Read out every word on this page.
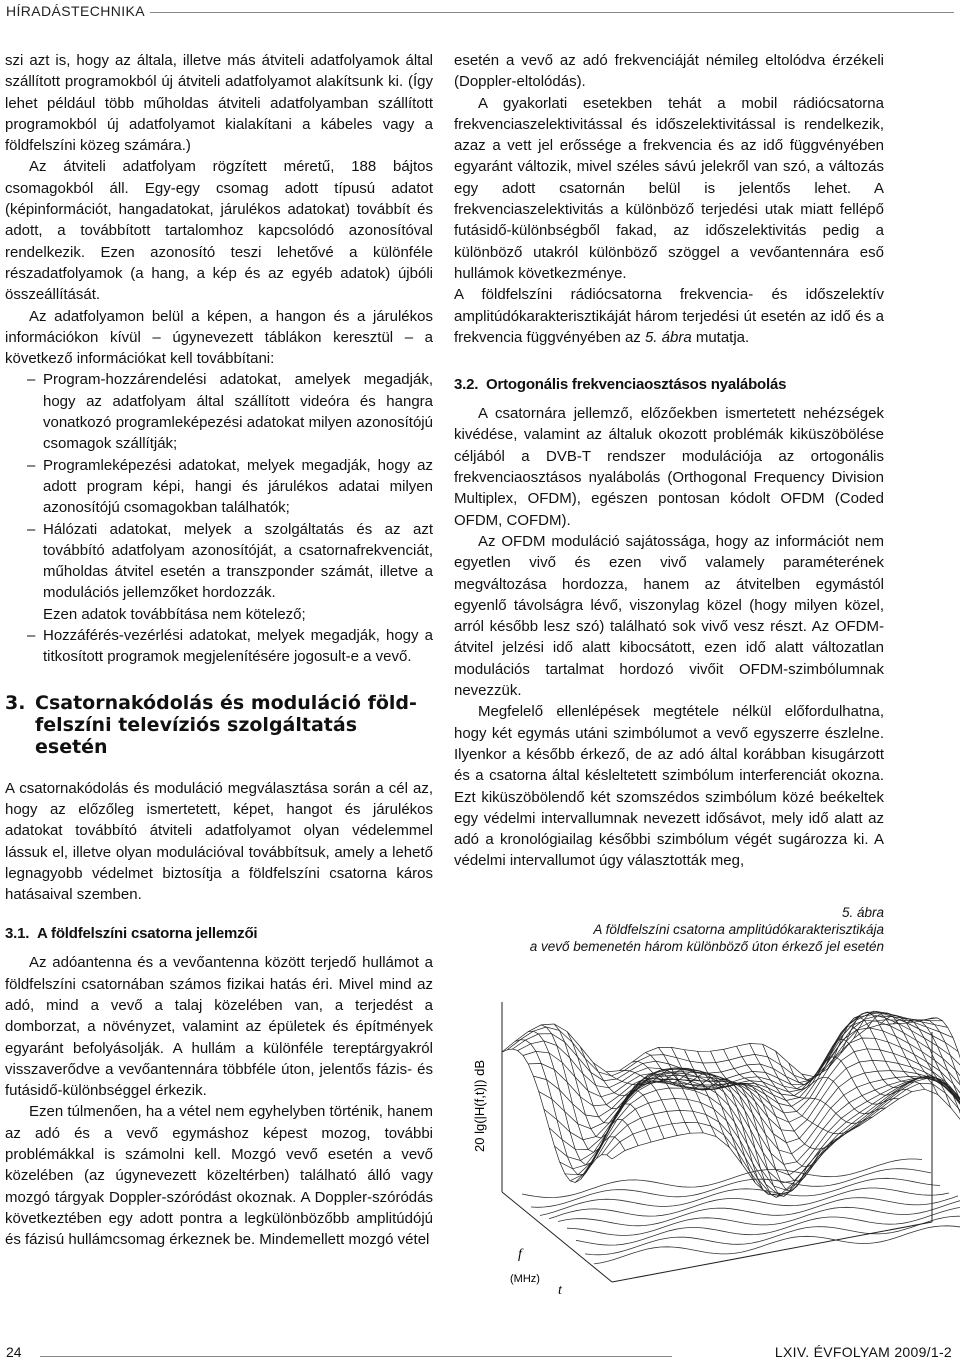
HÍRADÁSTECHNIKA

szi azt is, hogy az általa, illetve más átviteli adatfolyamok által szállított programokból új átviteli adatfolyamot alakítsunk ki. (Így lehet például több műholdas átviteli adatfolyamban szállított programokból új adatfolyamot kialakítani a kábeles vagy a földfelszíni közeg számára.)

Az átviteli adatfolyam rögzített méretű, 188 bájtos csomagokból áll. Egy-egy csomag adott típusú adatot (képinformációt, hangadatokat, járulékos adatokat) továbbít és adott, a továbbított tartalomhoz kapcsolódó azonosítóval rendelkezik. Ezen azonosító teszi lehetővé a különféle részadatfolyamok (a hang, a kép és az egyéb adatok) újbóli összeállítását.

Az adatfolyamon belül a képen, a hangon és a járulékos információkon kívül – úgynevezett táblákon keresztül – a következő információkat kell továbbítani:

– Program-hozzárendelési adatokat, amelyek megadják, hogy az adatfolyam által szállított videóra és hangra vonatkozó programleképezési adatokat milyen azonosítójú csomagok szállítják;
– Programleképezési adatokat, melyek megadják, hogy az adott program képi, hangi és járulékos adatai milyen azonosítójú csomagokban találhatók;
– Hálózati adatokat, melyek a szolgáltatás és az azt továbbító adatfolyam azonosítóját, a csatornafrekvenciát, műholdas átvitel esetén a transzponder számát, illetve a modulációs jellemzőket hordozzák.
Ezen adatok továbbítása nem kötelező;
– Hozzáférés-vezérlési adatokat, melyek megadják, hogy a titkosított programok megjelenítésére jogosult-e a vevő.
3. Csatornakódolás és moduláció föld-
felszíni televíziós szolgáltatás esetén

A csatornakódolás és moduláció megválasztása során a cél az, hogy az előzőleg ismertetett, képet, hangot és járulékos adatokat továbbító átviteli adatfolyamot olyan védelemmel lássuk el, illetve olyan modulációval továbbítsuk, amely a lehető legnagyobb védelmet biztosítja a földfelszíni csatorna káros hatásaival szemben.

3.1. A földfelszíni csatorna jellemzői

Az adóantenna és a vevőantenna között terjedő hullámot a földfelszíni csatornában számos fizikai hatás éri. Mivel mind az adó, mind a vevő a talaj közelében van, a terjedést a domborzat, a növényzet, valamint az épületek és építmények egyaránt befolyásolják. A hullám a különféle tereptárgyakról visszaverődve a vevőantennára többféle úton, jelentős fázis- és futásidő-különbséggel érkezik.

Ezen túlmenően, ha a vétel nem egyhelyben történik, hanem az adó és a vevő egymáshoz képest mozog, további problémákkal is számolni kell. Mozgó vevő esetén a vevő közelében (az úgynevezett közeltérben) található álló vagy mozgó tárgyak Doppler-szóródást okoznak. A Doppler-szóródás következtében egy adott pontra a legkülönbözőbb amplitúdójú és fázisú hullámcsomag érkeznek be. Mindemellett mozgó vétel

esetén a vevő az adó frekvenciáját némileg eltolódva érzékeli (Doppler-eltolódás).

A gyakorlati esetekben tehát a mobil rádiócsatorna frekvenciaszelektivitással és időszelektivitással is rendelkezik, azaz a vett jel erőssége a frekvencia és az idő függvényében egyaránt változik, mivel széles sávú jelekről van szó, a változás egy adott csatornán belül is jelentős lehet. A frekvenciaszelektivitás a különböző terjedési utak miatt fellépő futásidő-különbségből fakad, az időszelektivitás pedig a különböző utakról különböző szöggel a vevőantennára eső hullámok következménye.

A földfelszíni rádiócsatorna frekvencia- és időszelektív amplitúdókarakterisztikáját három terjedési út esetén az idő és a frekvencia függvényében az 5. ábra mutatja.

3.2. Ortogonális frekvenciaosztásos nyalábolás

A csatornára jellemző, előzőekben ismertetett nehézségek kivédése, valamint az általuk okozott problémák kiküszöbölése céljából a DVB-T rendszer modulációja az ortogonális frekvenciaosztásos nyalábolás (Orthogonal Frequency Division Multiplex, OFDM), egészen pontosan kódolt OFDM (Coded OFDM, COFDM).

Az OFDM moduláció sajátossága, hogy az információt nem egyetlen vivő és ezen vivő valamely paraméterének megváltozása hordozza, hanem az átvitelben egymástól egyenlő távolságra lévő, viszonylag közel (hogy milyen közel, arról később lesz szó) található sok vivő vesz részt. Az OFDM-átvitel jelzési idő alatt kibocsátott, ezen idő alatt változatlan modulációs tartalmat hordozó vivőit OFDM-szimbólumnak nevezzük.

Megfelelő ellenlépések megtétele nélkül előfordulhatna, hogy két egymás utáni szimbólumot a vevő egyszerre észlelne. Ilyenkor a később érkező, de az adó által korábban kisugárzott és a csatorna által késleltetett szimbólum interferenciát okozna. Ezt kiküszöbölendő két szomszédos szimbólum közé beékeltek egy védelmi intervallumnak nevezett idősávot, mely idő alatt az adó a kronológiailag későbbi szimbólum végét sugározza ki. A védelmi intervallumot úgy választották meg,

5. ábra
A földfelszíni csatorna amplitúdókarakterisztikája
a vevő bemenetén három különböző úton érkező jel esetén
20 lg(|H(f,t)|) dB
f
(MHz)
t
24	LXIV. ÉVFOLYAM 2009/1-2
